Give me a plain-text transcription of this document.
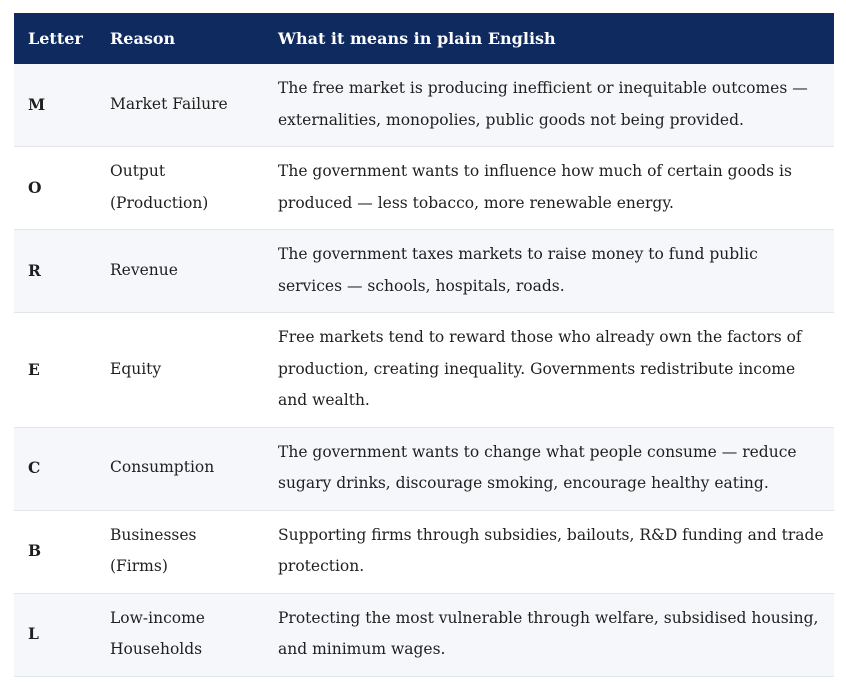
Letter	Reason	What it means in plain English
M	Market Failure	The free market is producing inefficient or inequitable outcomes — externalities, monopolies, public goods not being provided.
O	Output (Production)	The government wants to influence how much of certain goods is produced — less tobacco, more renewable energy.
R	Revenue	The government taxes markets to raise money to fund public services — schools, hospitals, roads.
E	Equity	Free markets tend to reward those who already own the factors of production, creating inequality. Governments redistribute income and wealth.
C	Consumption	The government wants to change what people consume — reduce sugary drinks, discourage smoking, encourage healthy eating.
B	Businesses (Firms)	Supporting firms through subsidies, bailouts, R&D funding and trade protection.
L	Low-income Households	Protecting the most vulnerable through welfare, subsidised housing, and minimum wages.
